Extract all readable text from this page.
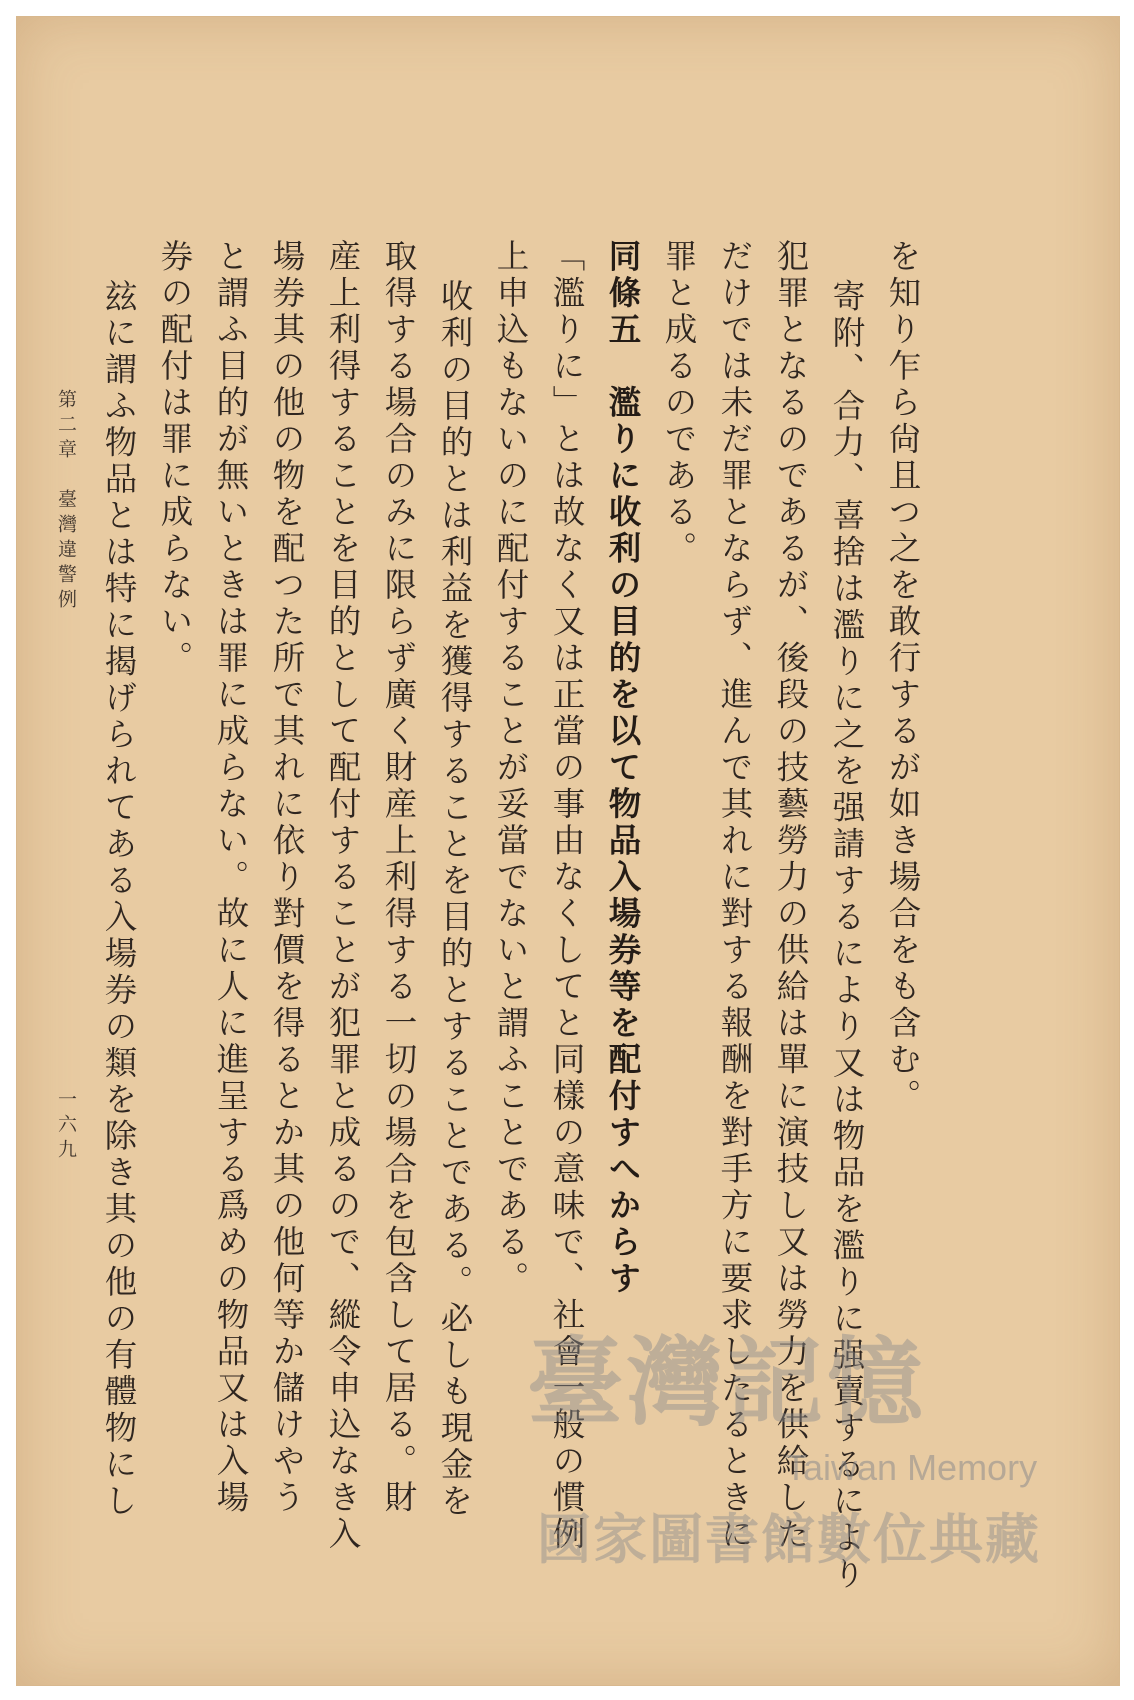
を知り乍ら尙且つ之を敢行するが如き場合をも含む。
寄附、合力、喜捨は濫りに之を强請するにより又は物品を濫りに强賣するにより
犯罪となるのであるが、後段の技藝勞力の供給は單に演技し又は勞力を供給した
だけでは未だ罪とならず、進んで其れに對する報酬を對手方に要求したるときに
罪と成るのである。
同條五　濫りに收利の目的を以て物品入場券等を配付すへからす
「濫りに」とは故なく又は正當の事由なくしてと同樣の意味で、社會一般の慣例
上申込もないのに配付することが妥當でないと謂ふことである。
收利の目的とは利益を獲得することを目的とすることである。必しも現金を
取得する場合のみに限らず廣く財産上利得する一切の場合を包含して居る。財
産上利得することを目的として配付することが犯罪と成るので、縱令申込なき入
場券其の他の物を配つた所で其れに依り對價を得るとか其の他何等か儲けやう
と謂ふ目的が無いときは罪に成らない。故に人に進呈する爲めの物品又は入場
券の配付は罪に成らない。
玆に謂ふ物品とは特に揭げられてある入場券の類を除き其の他の有體物にし
第二章　臺灣違警例
一六九
臺灣記憶
Taiwan Memory
國家圖書館數位典藏
